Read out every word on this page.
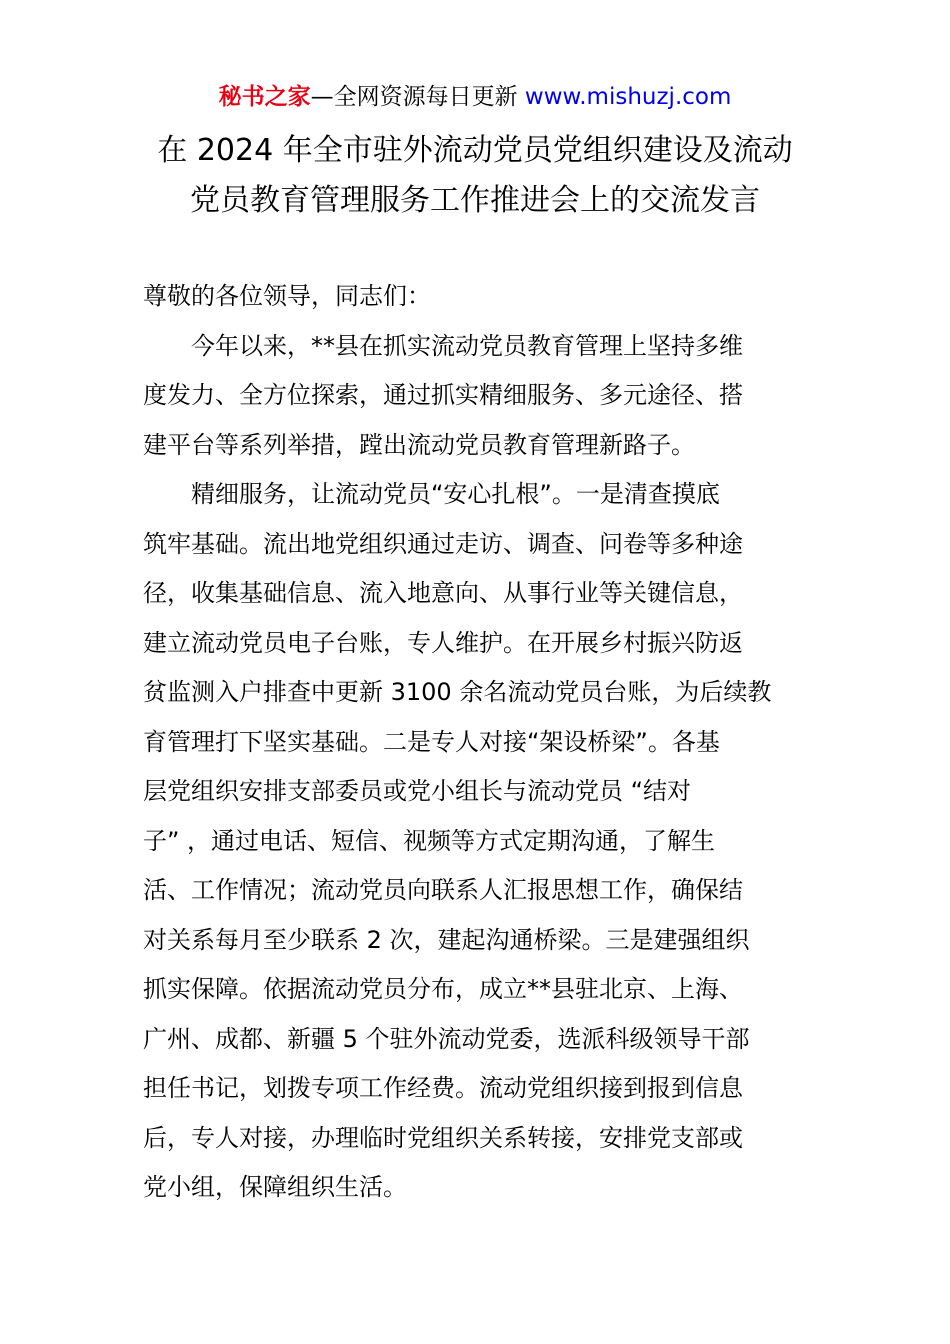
秘书之家—全网资源每日更新 www.mishuzj.com
在 2024 年全市驻外流动党员党组织建设及流动
党员教育管理服务工作推进会上的交流发言
尊敬的各位领导，同志们：
今年以来，**县在抓实流动党员教育管理上坚持多维
度发力、全方位探索，通过抓实精细服务、多元途径、搭
建平台等系列举措，蹚出流动党员教育管理新路子。
精细服务，让流动党员“安心扎根”。一是清查摸底
筑牢基础。流出地党组织通过走访、调查、问卷等多种途
径，收集基础信息、流入地意向、从事行业等关键信息，
建立流动党员电子台账，专人维护。在开展乡村振兴防返
贫监测入户排查中更新 3100 余名流动党员台账，为后续教
育管理打下坚实基础。二是专人对接“架设桥梁”。各基
层党组织安排支部委员或党小组长与流动党员 “结对
子” ，通过电话、短信、视频等方式定期沟通，了解生
活、工作情况；流动党员向联系人汇报思想工作，确保结
对关系每月至少联系 2 次，建起沟通桥梁。三是建强组织
抓实保障。依据流动党员分布，成立**县驻北京、上海、
广州、成都、新疆 5 个驻外流动党委，选派科级领导干部
担任书记，划拨专项工作经费。流动党组织接到报到信息
后，专人对接，办理临时党组织关系转接，安排党支部或
党小组，保障组织生活。
